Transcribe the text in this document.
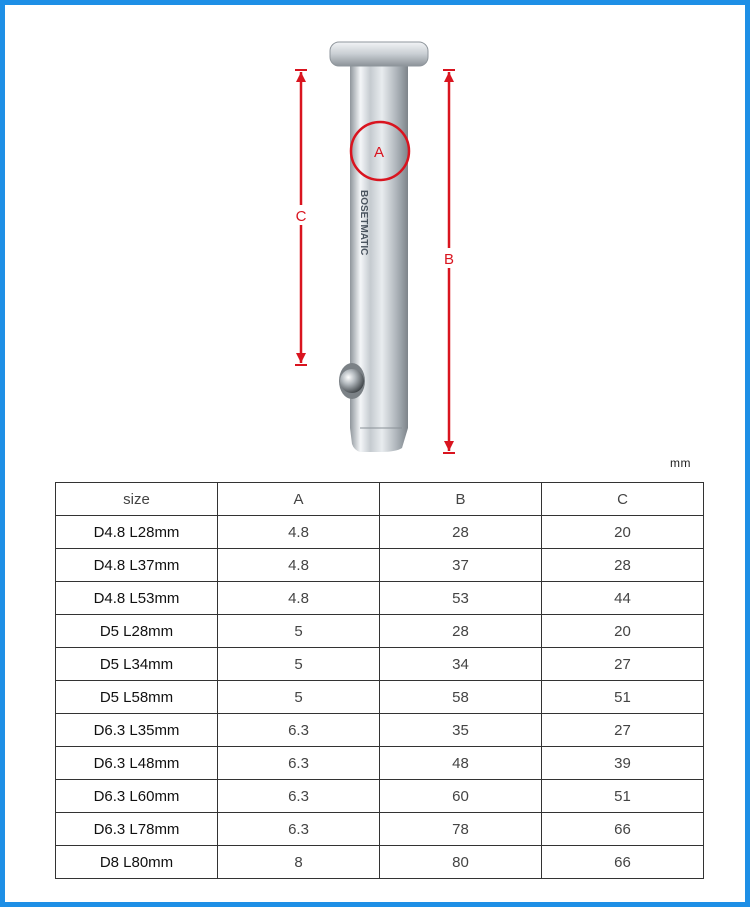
BOSETMATIC
C
B
A
mm
size	A	B	C
D4.8 L28mm	4.8	28	20
D4.8 L37mm	4.8	37	28
D4.8 L53mm	4.8	53	44
D5 L28mm	5	28	20
D5 L34mm	5	34	27
D5 L58mm	5	58	51
D6.3 L35mm	6.3	35	27
D6.3 L48mm	6.3	48	39
D6.3 L60mm	6.3	60	51
D6.3 L78mm	6.3	78	66
D8 L80mm	8	80	66
